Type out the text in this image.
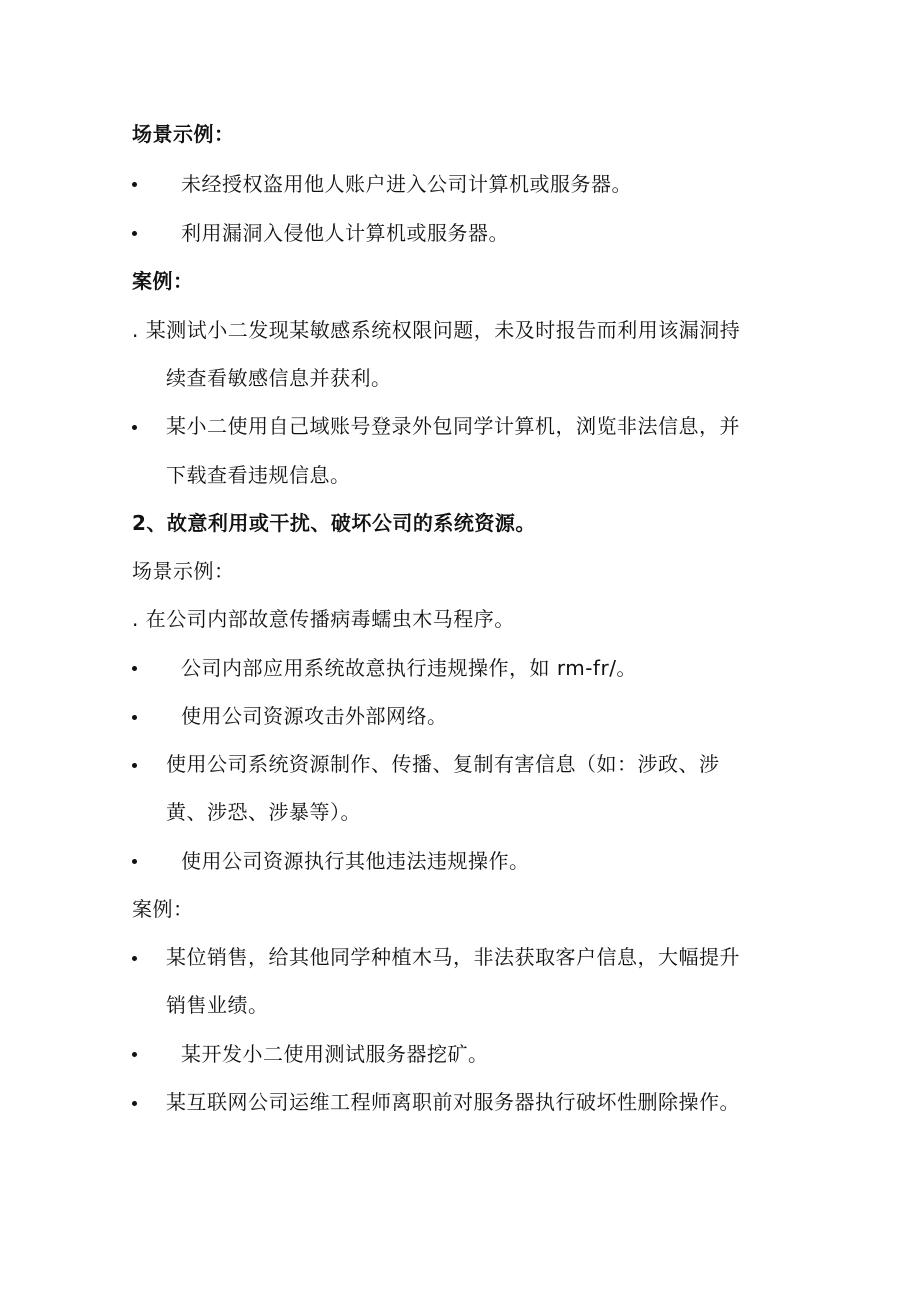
场景示例：
未经授权盗用他人账户进入公司计算机或服务器。
利用漏洞入侵他人计算机或服务器。
案例：
. 某测试小二发现某敏感系统权限问题，未及时报告而利用该漏洞持
续查看敏感信息并获利。
某小二使用自己域账号登录外包同学计算机，浏览非法信息，并
下载查看违规信息。
2、故意利用或干扰、破坏公司的系统资源。
场景示例：
. 在公司内部故意传播病毒蠕虫木马程序。
公司内部应用系统故意执行违规操作，如 rm-fr/。
使用公司资源攻击外部网络。
使用公司系统资源制作、传播、复制有害信息（如：涉政、涉
黄、涉恐、涉暴等）。
使用公司资源执行其他违法违规操作。
案例：
某位销售，给其他同学种植木马，非法获取客户信息，大幅提升
销售业绩。
某开发小二使用测试服务器挖矿。
某互联网公司运维工程师离职前对服务器执行破坏性删除操作。
